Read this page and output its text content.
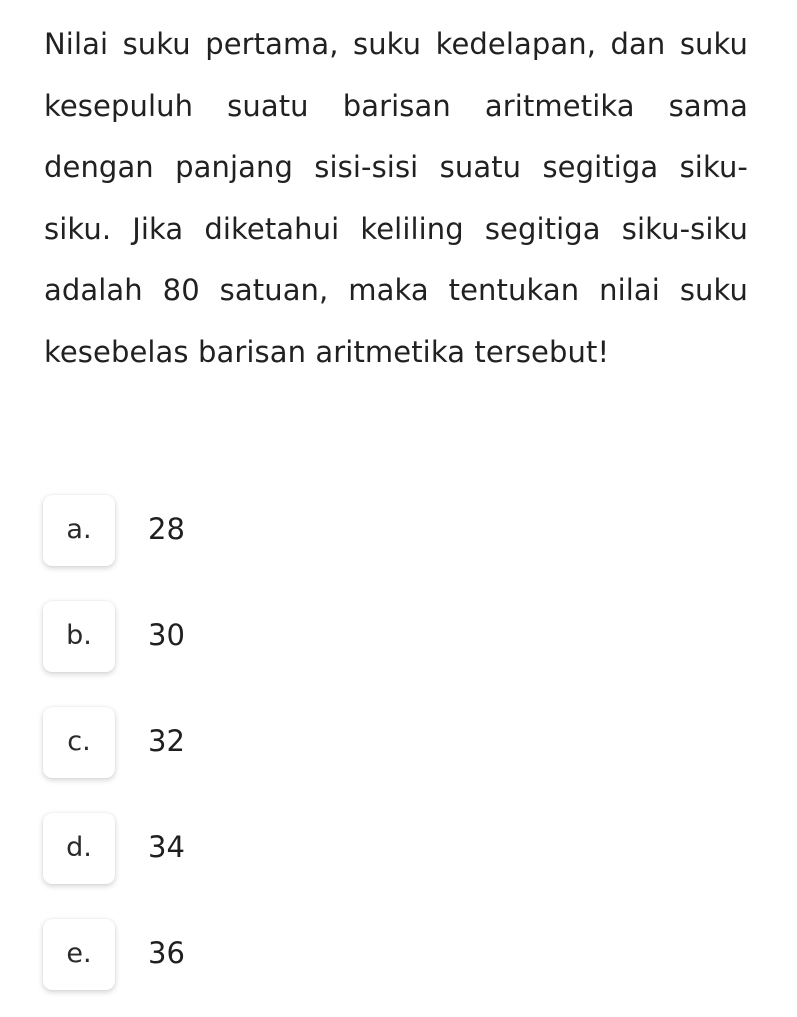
Nilai suku pertama, suku kedelapan, dan suku kesepuluh suatu barisan aritmetika sama dengan panjang sisi-sisi suatu segitiga siku-siku. Jika diketahui keliling segitiga siku-siku adalah 80 satuan, maka tentukan nilai suku kesebelas barisan aritmetika tersebut!

a.	28
b.	30
c.	32
d.	34
e.	36
